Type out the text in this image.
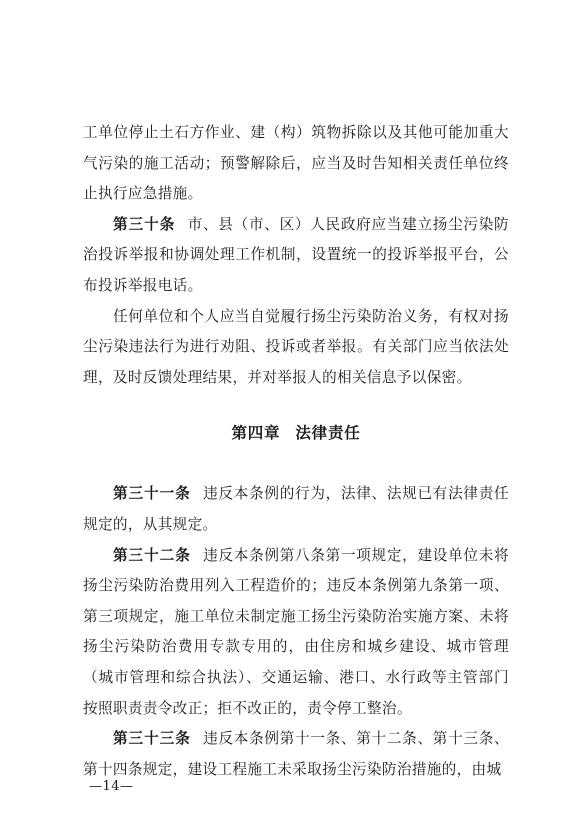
工单位停止土石方作业、建（构）筑物拆除以及其他可能加重大气污染的施工活动；预警解除后，应当及时告知相关责任单位终止执行应急措施。

第三十条 市、县（市、区）人民政府应当建立扬尘污染防治投诉举报和协调处理工作机制，设置统一的投诉举报平台，公布投诉举报电话。

任何单位和个人应当自觉履行扬尘污染防治义务，有权对扬尘污染违法行为进行劝阻、投诉或者举报。有关部门应当依法处理，及时反馈处理结果，并对举报人的相关信息予以保密。

第四章 法律责任

第三十一条 违反本条例的行为，法律、法规已有法律责任规定的，从其规定。

第三十二条 违反本条例第八条第一项规定，建设单位未将扬尘污染防治费用列入工程造价的；违反本条例第九条第一项、第三项规定，施工单位未制定施工扬尘污染防治实施方案、未将扬尘污染防治费用专款专用的，由住房和城乡建设、城市管理（城市管理和综合执法）、交通运输、港口、水行政等主管部门按照职责责令改正；拒不改正的，责令停工整治。

第三十三条 违反本条例第十一条、第十二条、第十三条、第十四条规定，建设工程施工未采取扬尘污染防治措施的，由城

—14—
